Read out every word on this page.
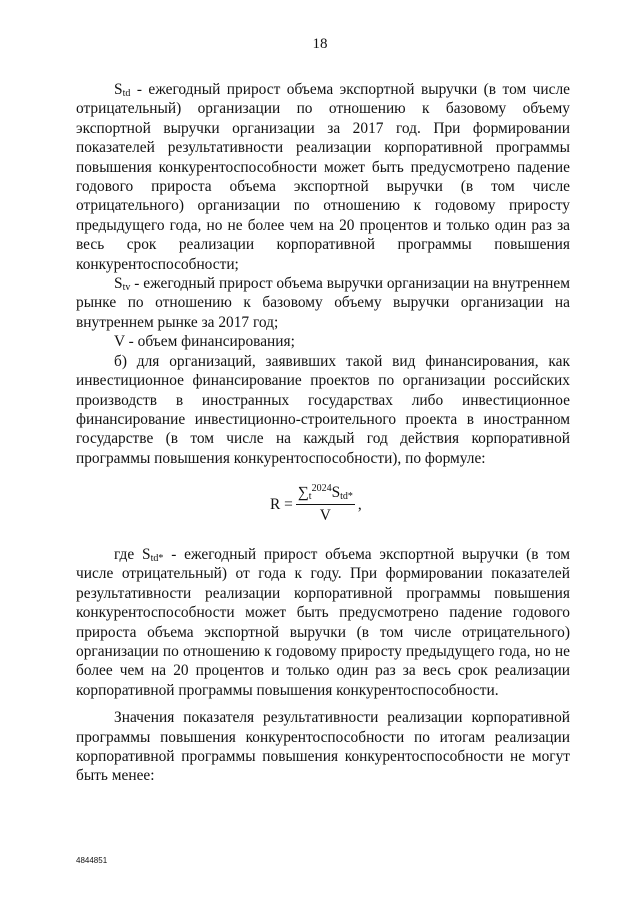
18

$S_{td}$ - ежегодный прирост объема экспортной выручки (в том числе отрицательный) организации по отношению к базовому объему экспортной выручки организации за 2017 год. При формировании показателей результативности реализации корпоративной программы повышения конкурентоспособности может быть предусмотрено падение годового прироста объема экспортной выручки (в том числе отрицательного) организации по отношению к годовому приросту предыдущего года, но не более чем на 20 процентов и только один раз за весь срок реализации корпоративной программы повышения конкурентоспособности;

$S_{tv}$ - ежегодный прирост объема выручки организации на внутреннем рынке по отношению к базовому объему выручки организации на внутреннем рынке за 2017 год;

V - объем финансирования;

б) для организаций, заявивших такой вид финансирования, как инвестиционное финансирование проектов по организации российских производств в иностранных государствах либо инвестиционное финансирование инвестиционно-строительного проекта в иностранном государстве (в том числе на каждый год действия корпоративной программы повышения конкурентоспособности), по формуле:

$R = \frac{\sum_t^{2024}S_{td*}}{V}$ ,

где $S_{td*}$ - ежегодный прирост объема экспортной выручки (в том числе отрицательный) от года к году. При формировании показателей результативности реализации корпоративной программы повышения конкурентоспособности может быть предусмотрено падение годового прироста объема экспортной выручки (в том числе отрицательного) организации по отношению к годовому приросту предыдущего года, но не более чем на 20 процентов и только один раз за весь срок реализации корпоративной программы повышения конкурентоспособности.

Значения показателя результативности реализации корпоративной программы повышения конкурентоспособности по итогам реализации корпоративной программы повышения конкурентоспособности не могут быть менее:

4844851
